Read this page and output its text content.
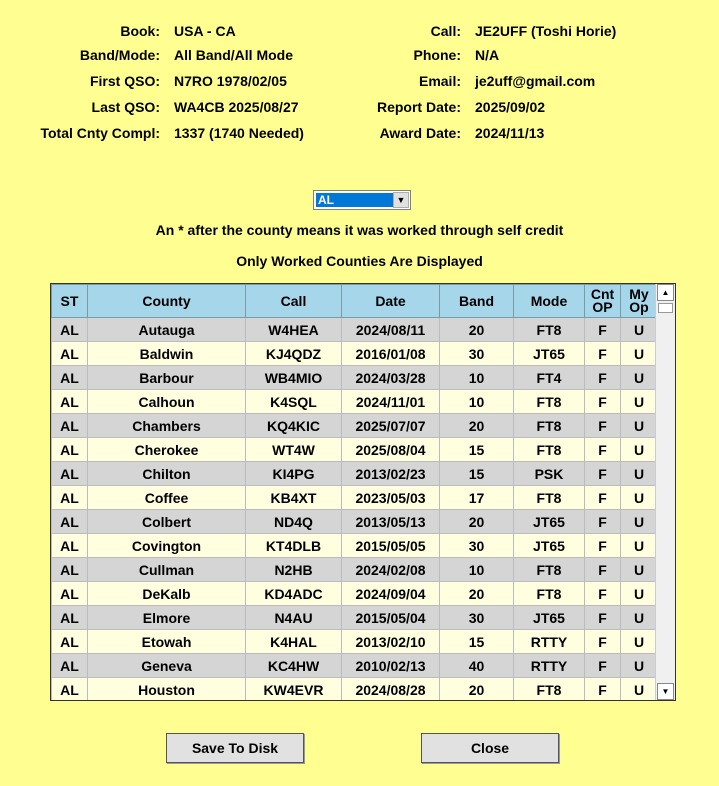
Book: USA - CA
Band/Mode: All Band/All Mode
First QSO: N7RO 1978/02/05
Last QSO: WA4CB 2025/08/27
Total Cnty Compl: 1337 (1740 Needed)
Call: JE2UFF (Toshi Horie)
Phone: N/A
Email: je2uff@gmail.com
Report Date: 2025/09/02
Award Date: 2024/11/13
AL	▼
An * after the county means it was worked through self credit
Only Worked Counties Are Displayed
ST	County	Call	Date	Band	Mode	Cnt OP	My Op
AL	Autauga	W4HEA	2024/08/11	20	FT8	F	U
AL	Baldwin	KJ4QDZ	2016/01/08	30	JT65	F	U
AL	Barbour	WB4MIO	2024/03/28	10	FT4	F	U
AL	Calhoun	K4SQL	2024/11/01	10	FT8	F	U
AL	Chambers	KQ4KIC	2025/07/07	20	FT8	F	U
AL	Cherokee	WT4W	2025/08/04	15	FT8	F	U
AL	Chilton	KI4PG	2013/02/23	15	PSK	F	U
AL	Coffee	KB4XT	2023/05/03	17	FT8	F	U
AL	Colbert	ND4Q	2013/05/13	20	JT65	F	U
AL	Covington	KT4DLB	2015/05/05	30	JT65	F	U
AL	Cullman	N2HB	2024/02/08	10	FT8	F	U
AL	DeKalb	KD4ADC	2024/09/04	20	FT8	F	U
AL	Elmore	N4AU	2015/05/04	30	JT65	F	U
AL	Etowah	K4HAL	2013/02/10	15	RTTY	F	U
AL	Geneva	KC4HW	2010/02/13	40	RTTY	F	U
AL	Houston	KW4EVR	2024/08/28	20	FT8	F	U
▲
▼
Save To Disk	Close
